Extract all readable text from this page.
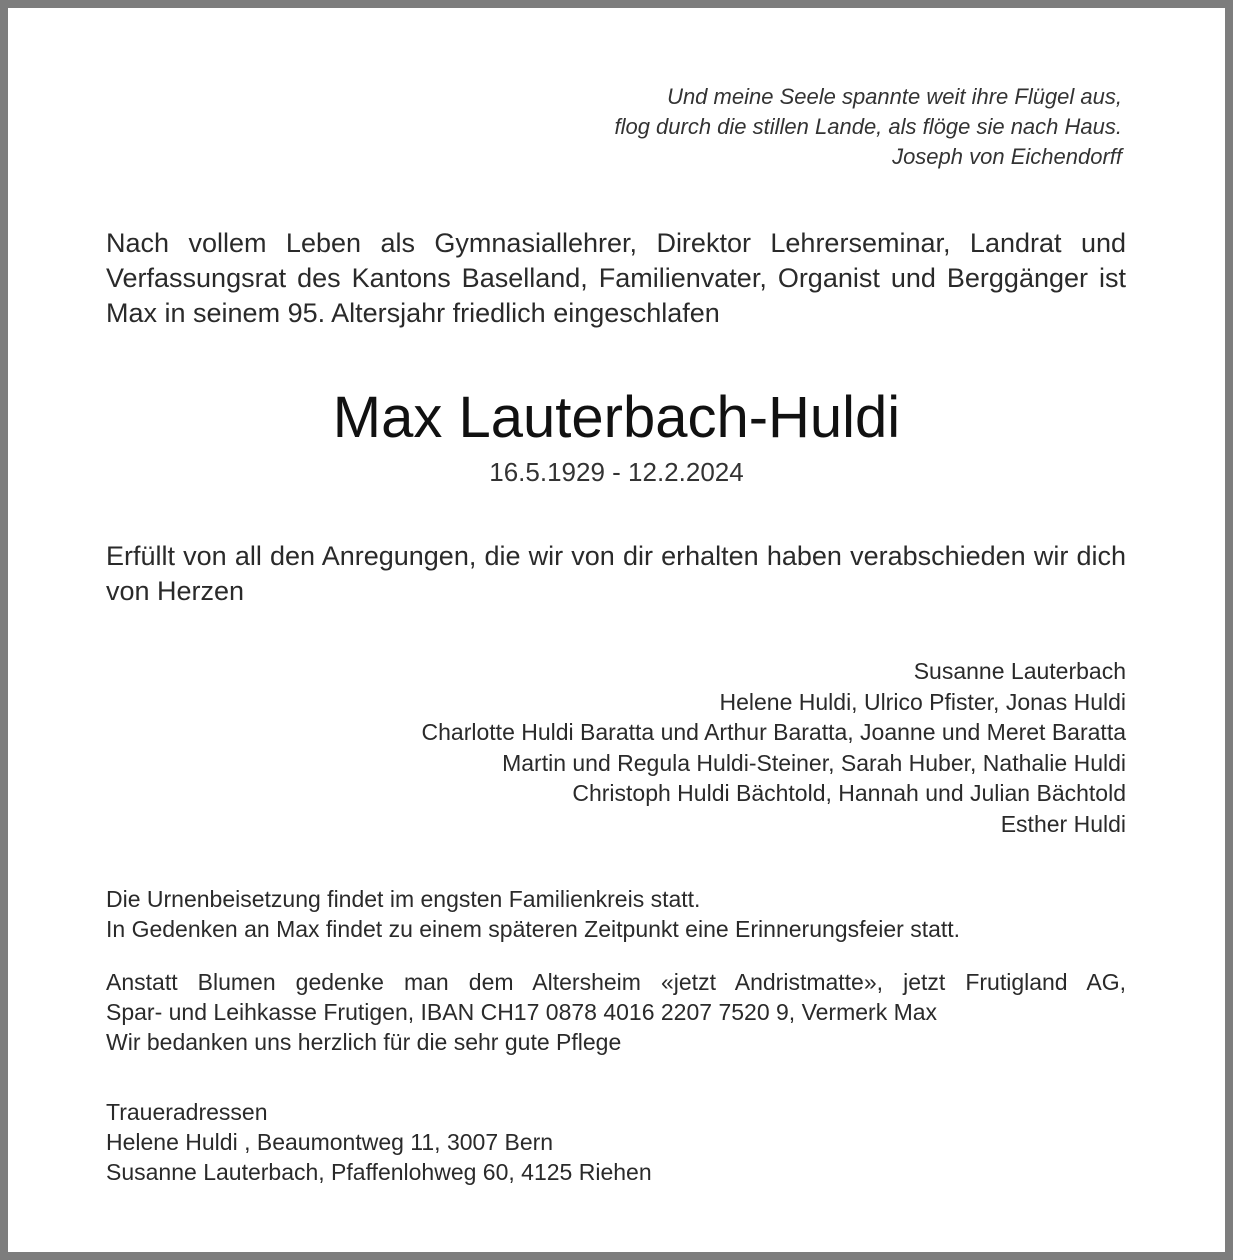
Und meine Seele spannte weit ihre Flügel aus,
flog durch die stillen Lande, als flöge sie nach Haus.
Joseph von Eichendorff
Nach vollem Leben als Gymnasiallehrer, Direktor Lehrerseminar, Landrat und Verfassungsrat des Kantons Baselland, Familienvater, Organist und Berggänger ist Max in seinem 95. Altersjahr friedlich eingeschlafen
Max Lauterbach-Huldi
16.5.1929 - 12.2.2024
Erfüllt von all den Anregungen, die wir von dir erhalten haben verabschieden wir dich von Herzen
Susanne Lauterbach
Helene Huldi, Ulrico Pfister, Jonas Huldi
Charlotte Huldi Baratta und Arthur Baratta, Joanne und Meret Baratta
Martin und Regula Huldi-Steiner, Sarah Huber, Nathalie Huldi
Christoph Huldi Bächtold, Hannah und Julian Bächtold
Esther Huldi
Die Urnenbeisetzung findet im engsten Familienkreis statt.
In Gedenken an Max findet zu einem späteren Zeitpunkt eine Erinnerungsfeier statt.
Anstatt Blumen gedenke man dem Altersheim «jetzt Andristmatte», jetzt Frutigland AG,
Spar- und Leihkasse Frutigen, IBAN CH17 0878 4016 2207 7520 9, Vermerk Max
Wir bedanken uns herzlich für die sehr gute Pflege
Traueradressen
Helene Huldi , Beaumontweg 11, 3007 Bern
Susanne Lauterbach, Pfaffenlohweg 60, 4125 Riehen
